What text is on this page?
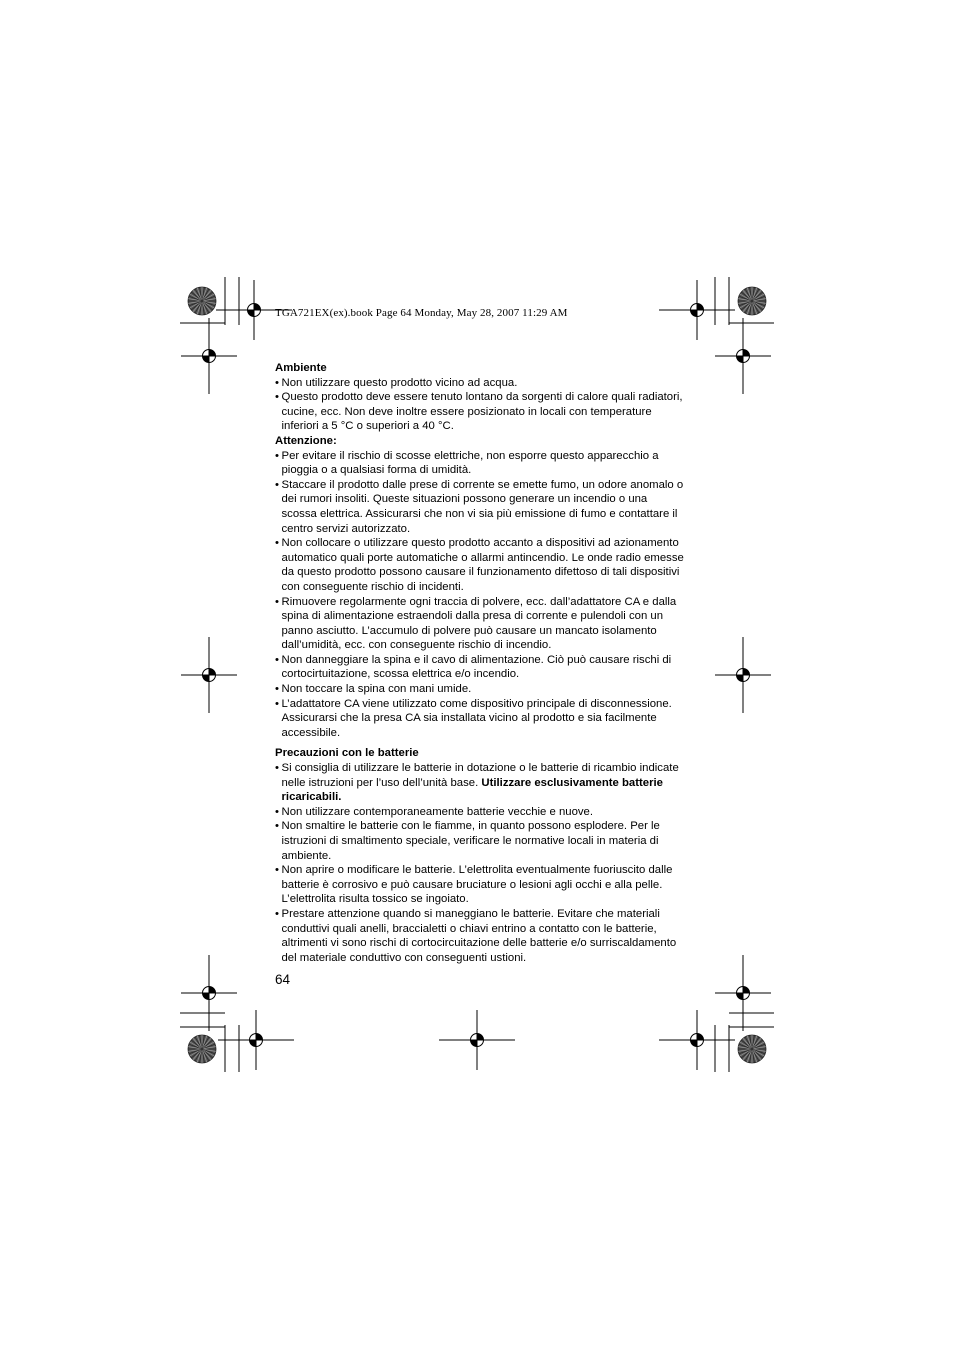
TGA721EX(ex).book Page 64 Monday, May 28, 2007 11:29 AM
Ambiente
• Non utilizzare questo prodotto vicino ad acqua.
• Questo prodotto deve essere tenuto lontano da sorgenti di calore quali radiatori, cucine, ecc. Non deve inoltre essere posizionato in locali con temperature inferiori a 5 °C o superiori a 40 °C.
Attenzione:
• Per evitare il rischio di scosse elettriche, non esporre questo apparecchio a pioggia o a qualsiasi forma di umidità.
• Staccare il prodotto dalle prese di corrente se emette fumo, un odore anomalo o dei rumori insoliti. Queste situazioni possono generare un incendio o una scossa elettrica. Assicurarsi che non vi sia più emissione di fumo e contattare il centro servizi autorizzato.
• Non collocare o utilizzare questo prodotto accanto a dispositivi ad azionamento automatico quali porte automatiche o allarmi antincendio. Le onde radio emesse da questo prodotto possono causare il funzionamento difettoso di tali dispositivi con conseguente rischio di incidenti.
• Rimuovere regolarmente ogni traccia di polvere, ecc. dall’adattatore CA e dalla spina di alimentazione estraendoli dalla presa di corrente e pulendoli con un panno asciutto. L’accumulo di polvere può causare un mancato isolamento dall’umidità, ecc. con conseguente rischio di incendio.
• Non danneggiare la spina e il cavo di alimentazione. Ciò può causare rischi di cortocirtuitazione, scossa elettrica e/o incendio.
• Non toccare la spina con mani umide.
• L’adattatore CA viene utilizzato come dispositivo principale di disconnessione. Assicurarsi che la presa CA sia installata vicino al prodotto e sia facilmente accessibile.
Precauzioni con le batterie
• Si consiglia di utilizzare le batterie in dotazione o le batterie di ricambio indicate nelle istruzioni per l’uso dell’unità base. Utilizzare esclusivamente batterie ricaricabili.
• Non utilizzare contemporaneamente batterie vecchie e nuove.
• Non smaltire le batterie con le fiamme, in quanto possono esplodere. Per le istruzioni di smaltimento speciale, verificare le normative locali in materia di ambiente.
• Non aprire o modificare le batterie. L’elettrolita eventualmente fuoriuscito dalle batterie è corrosivo e può causare bruciature o lesioni agli occhi e alla pelle. L’elettrolita risulta tossico se ingoiato.
• Prestare attenzione quando si maneggiano le batterie. Evitare che materiali conduttivi quali anelli, braccialetti o chiavi entrino a contatto con le batterie, altrimenti vi sono rischi di cortocircuitazione delle batterie e/o surriscaldamento del materiale conduttivo con conseguenti ustioni.
64
